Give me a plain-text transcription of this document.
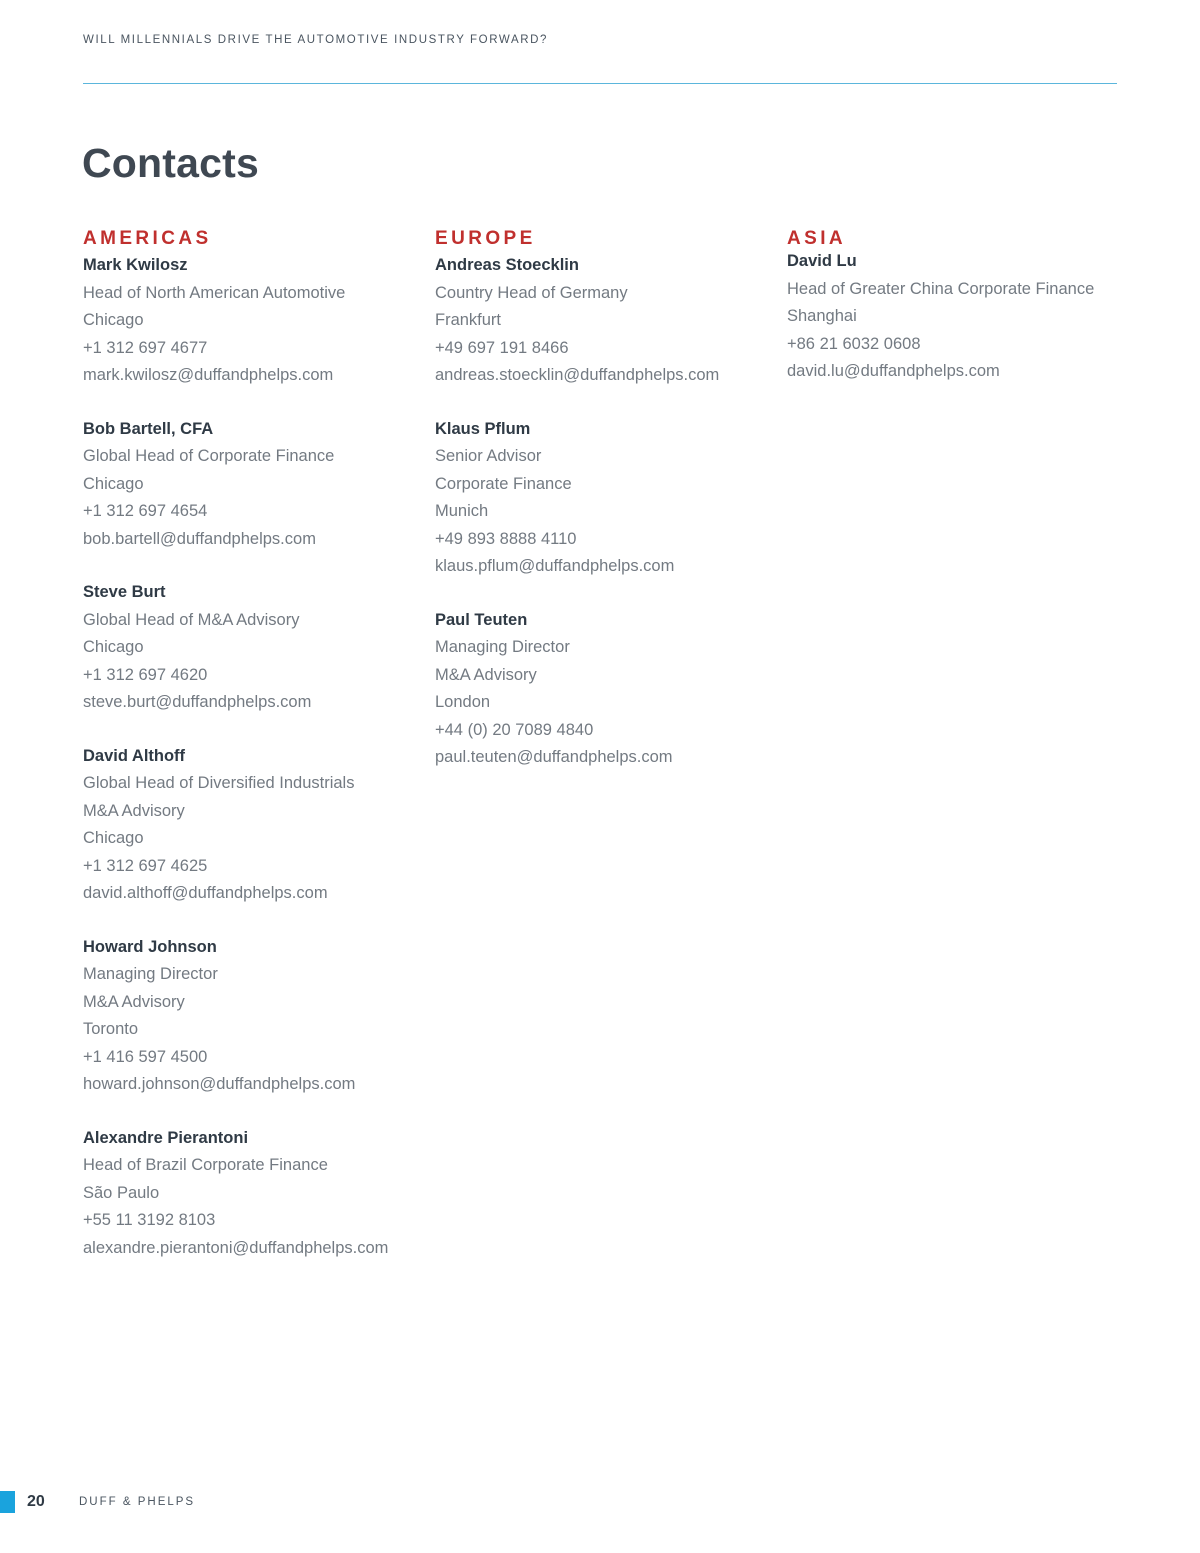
WILL MILLENNIALS DRIVE THE AUTOMOTIVE INDUSTRY FORWARD?
Contacts
AMERICAS
Mark Kwilosz
Head of North American Automotive
Chicago
+1 312 697 4677
mark.kwilosz@duffandphelps.com
Bob Bartell, CFA
Global Head of Corporate Finance
Chicago
+1 312 697 4654
bob.bartell@duffandphelps.com
Steve Burt
Global Head of M&A Advisory
Chicago
+1 312 697 4620
steve.burt@duffandphelps.com
David Althoff
Global Head of Diversified Industrials
M&A Advisory
Chicago
+1 312 697 4625
david.althoff@duffandphelps.com
Howard Johnson
Managing Director
M&A Advisory
Toronto
+1 416 597 4500
howard.johnson@duffandphelps.com
Alexandre Pierantoni
Head of Brazil Corporate Finance
São Paulo
+55 11 3192 8103
alexandre.pierantoni@duffandphelps.com
EUROPE
Andreas Stoecklin
Country Head of Germany
Frankfurt
+49 697 191 8466
andreas.stoecklin@duffandphelps.com
Klaus Pflum
Senior Advisor
Corporate Finance
Munich
+49 893 8888 4110
klaus.pflum@duffandphelps.com
Paul Teuten
Managing Director
M&A Advisory
London
+44 (0) 20 7089 4840
paul.teuten@duffandphelps.com
ASIA
David Lu
Head of Greater China Corporate Finance
Shanghai
+86 21 6032 0608
david.lu@duffandphelps.com
20	DUFF & PHELPS
